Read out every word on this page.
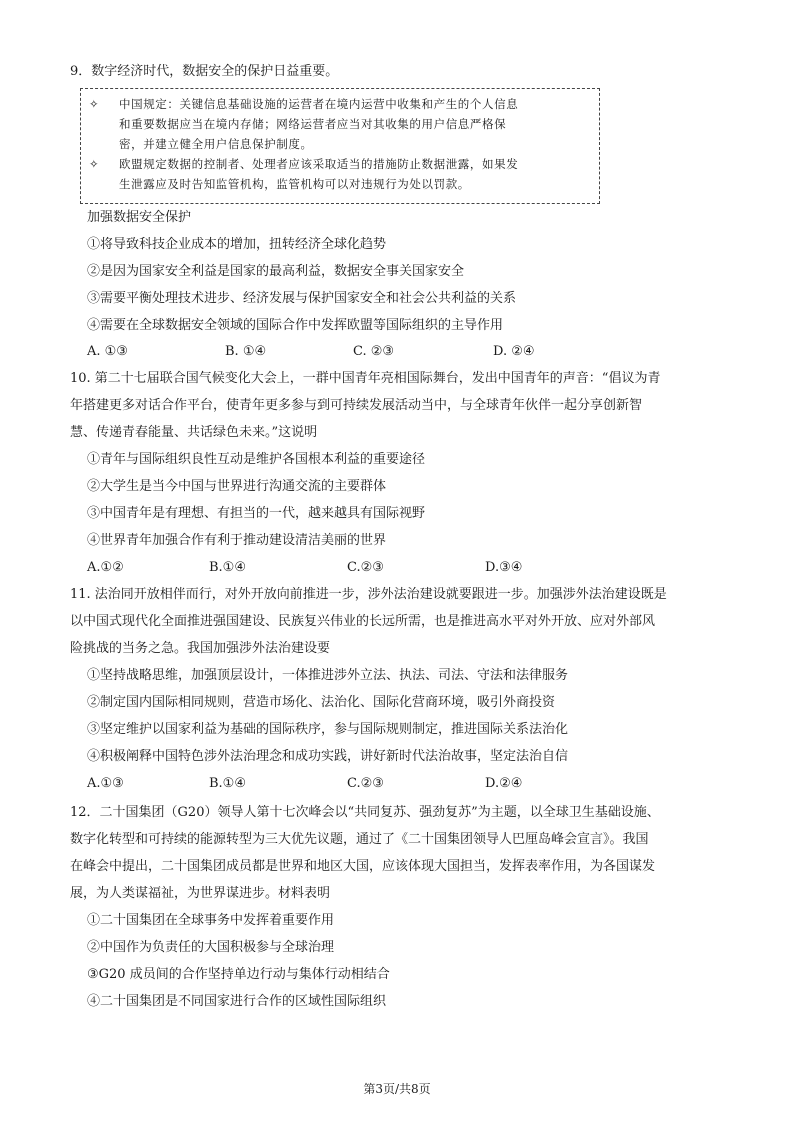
9．数字经济时代，数据安全的保护日益重要。
✧ 中国规定：关键信息基础设施的运营者在境内运营中收集和产生的个人信息
和重要数据应当在境内存储；网络运营者应当对其收集的用户信息严格保
密，并建立健全用户信息保护制度。
✧ 欧盟规定数据的控制者、处理者应该采取适当的措施防止数据泄露，如果发
生泄露应及时告知监管机构，监管机构可以对违规行为处以罚款。
加强数据安全保护
①将导致科技企业成本的增加，扭转经济全球化趋势
②是因为国家安全利益是国家的最高利益，数据安全事关国家安全
③需要平衡处理技术进步、经济发展与保护国家安全和社会公共利益的关系
④需要在全球数据安全领域的国际合作中发挥欧盟等国际组织的主导作用
A. ①③	B. ①④	C. ②③	D. ②④
10. 第二十七届联合国气候变化大会上，一群中国青年亮相国际舞台，发出中国青年的声音：“倡议为青
年搭建更多对话合作平台，使青年更多参与到可持续发展活动当中，与全球青年伙伴一起分享创新智
慧、传递青春能量、共话绿色未来。”这说明
①青年与国际组织良性互动是维护各国根本利益的重要途径
②大学生是当今中国与世界进行沟通交流的主要群体
③中国青年是有理想、有担当的一代，越来越具有国际视野
④世界青年加强合作有利于推动建设清洁美丽的世界
A.①②	B.①④	C.②③	D.③④
11. 法治同开放相伴而行，对外开放向前推进一步，涉外法治建设就要跟进一步。加强涉外法治建设既是
以中国式现代化全面推进强国建设、民族复兴伟业的长远所需，也是推进高水平对外开放、应对外部风
险挑战的当务之急。我国加强涉外法治建设要
①坚持战略思维，加强顶层设计，一体推进涉外立法、执法、司法、守法和法律服务
②制定国内国际相同规则，营造市场化、法治化、国际化营商环境，吸引外商投资
③坚定维护以国家利益为基础的国际秩序，参与国际规则制定，推进国际关系法治化
④积极阐释中国特色涉外法治理念和成功实践，讲好新时代法治故事，坚定法治自信
A.①③	B.①④	C.②③	D.②④
12．二十国集团（G20）领导人第十七次峰会以“共同复苏、强劲复苏”为主题，以全球卫生基础设施、
数字化转型和可持续的能源转型为三大优先议题，通过了《二十国集团领导人巴厘岛峰会宣言》。我国
在峰会中提出，二十国集团成员都是世界和地区大国，应该体现大国担当，发挥表率作用，为各国谋发
展，为人类谋福祉，为世界谋进步。材料表明
①二十国集团在全球事务中发挥着重要作用
②中国作为负责任的大国积极参与全球治理
③G20 成员间的合作坚持单边行动与集体行动相结合
④二十国集团是不同国家进行合作的区域性国际组织
第3页/共8页
